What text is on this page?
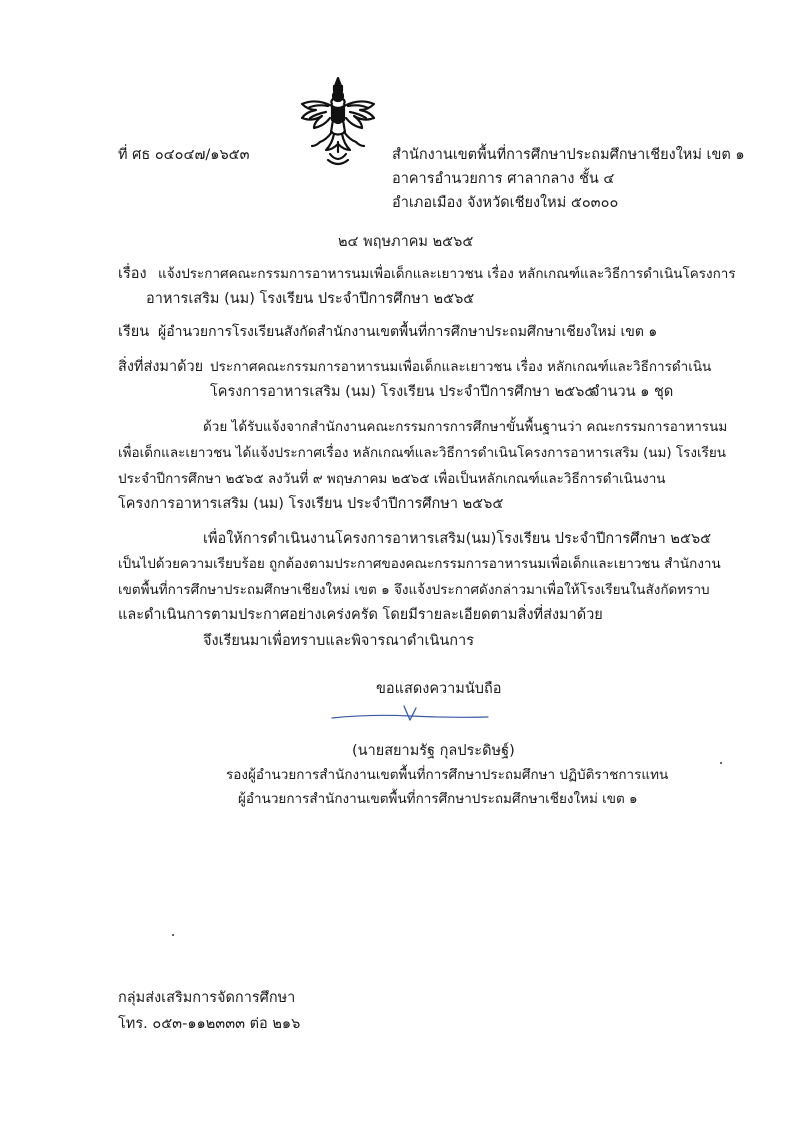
ที่ ศธ ๐๔๐๔๗/๑๖๕๓	สำนักงานเขตพื้นที่การศึกษาประถมศึกษาเชียงใหม่ เขต ๑
อาคารอำนวยการ ศาลากลาง ชั้น ๔
อำเภอเมือง จังหวัดเชียงใหม่ ๕๐๓๐๐
๒๔ พฤษภาคม ๒๕๖๕
เรื่อง แจ้งประกาศคณะกรรมการอาหารนมเพื่อเด็กและเยาวชน เรื่อง หลักเกณฑ์และวิธีการดำเนินโครงการ
อาหารเสริม (นม) โรงเรียน ประจำปีการศึกษา ๒๕๖๕
เรียน ผู้อำนวยการโรงเรียนสังกัดสำนักงานเขตพื้นที่การศึกษาประถมศึกษาเชียงใหม่ เขต ๑
สิ่งที่ส่งมาด้วย ประกาศคณะกรรมการอาหารนมเพื่อเด็กและเยาวชน เรื่อง หลักเกณฑ์และวิธีการดำเนิน
โครงการอาหารเสริม (นม) โรงเรียน ประจำปีการศึกษา ๒๕๖๕
จำนวน ๑ ชุด
ด้วย ได้รับแจ้งจากสำนักงานคณะกรรมการการศึกษาขั้นพื้นฐานว่า คณะกรรมการอาหารนม
เพื่อเด็กและเยาวชน ได้แจ้งประกาศเรื่อง หลักเกณฑ์และวิธีการดำเนินโครงการอาหารเสริม (นม) โรงเรียน
ประจำปีการศึกษา ๒๕๖๕ ลงวันที่ ๙ พฤษภาคม ๒๕๖๕ เพื่อเป็นหลักเกณฑ์และวิธีการดำเนินงาน
โครงการอาหารเสริม (นม) โรงเรียน ประจำปีการศึกษา ๒๕๖๕
เพื่อให้การดำเนินงานโครงการอาหารเสริม(นม)โรงเรียน ประจำปีการศึกษา ๒๕๖๕
เป็นไปด้วยความเรียบร้อย ถูกต้องตามประกาศของคณะกรรมการอาหารนมเพื่อเด็กและเยาวชน สำนักงาน
เขตพื้นที่การศึกษาประถมศึกษาเชียงใหม่ เขต ๑ จึงแจ้งประกาศดังกล่าวมาเพื่อให้โรงเรียนในสังกัดทราบ
และดำเนินการตามประกาศอย่างเคร่งครัด โดยมีรายละเอียดตามสิ่งที่ส่งมาด้วย
จึงเรียนมาเพื่อทราบและพิจารณาดำเนินการ
ขอแสดงความนับถือ
(นายสยามรัฐ กุลประดิษฐ์)
รองผู้อำนวยการสำนักงานเขตพื้นที่การศึกษาประถมศึกษา ปฏิบัติราชการแทน
ผู้อำนวยการสำนักงานเขตพื้นที่การศึกษาประถมศึกษาเชียงใหม่ เขต ๑
กลุ่มส่งเสริมการจัดการศึกษา
โทร. ๐๕๓-๑๑๒๓๓๓ ต่อ ๒๑๖
